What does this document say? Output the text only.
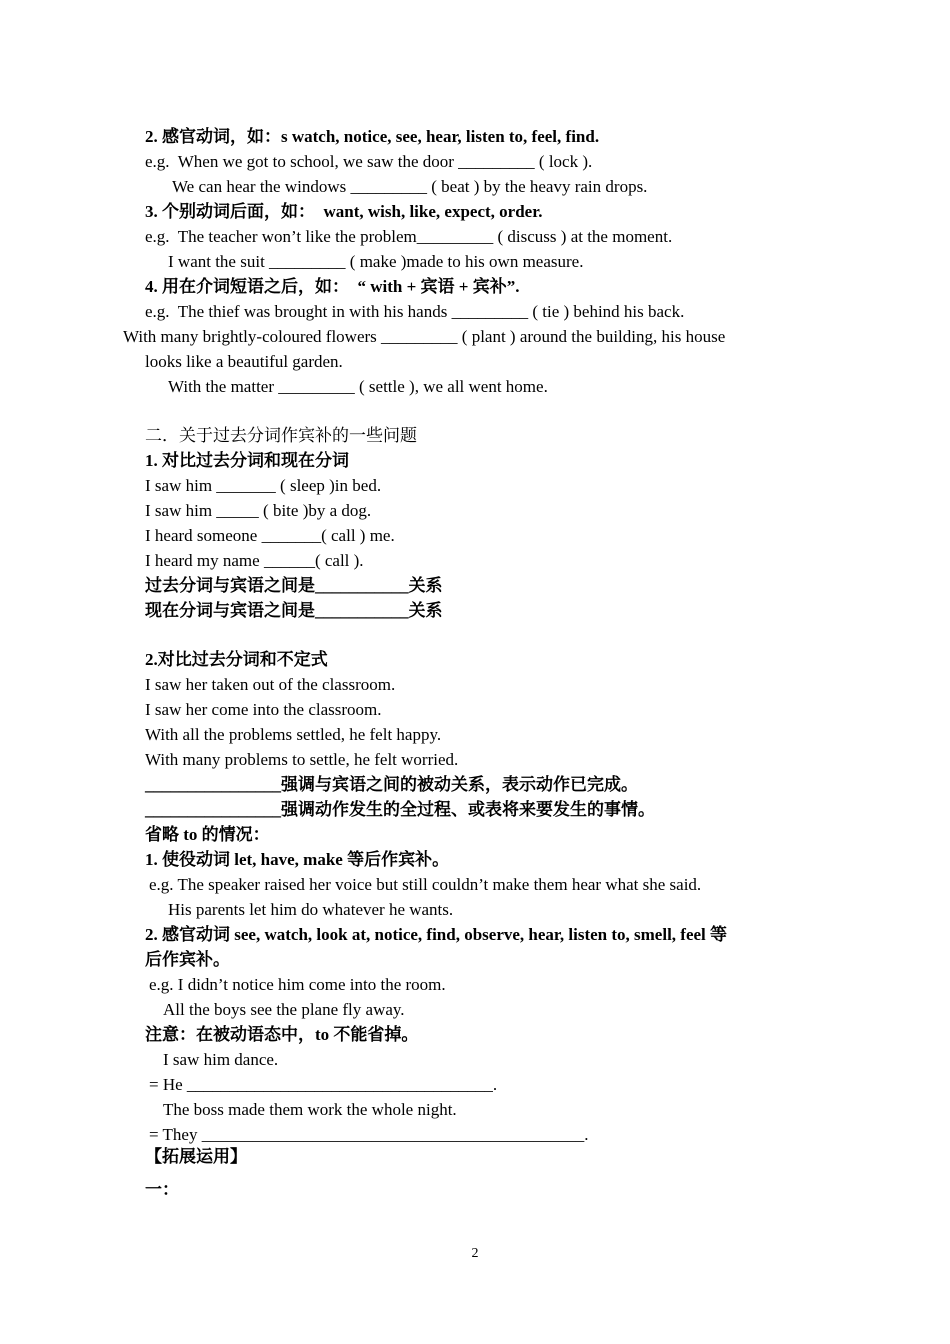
2. 感官动词，如：s watch, notice, see, hear, listen to, feel, find.
e.g.  When we got to school, we saw the door _________ ( lock ).
We can hear the windows _________ ( beat ) by the heavy rain drops.
3. 个别动词后面，如：  want, wish, like, expect, order.
e.g.  The teacher won’t like the problem_________ ( discuss ) at the moment.
I want the suit _________ ( make )made to his own measure.
4. 用在介词短语之后，如：  “ with + 宾语 + 宾补”.
e.g.  The thief was brought in with his hands _________ ( tie ) behind his back.
With many brightly-coloured flowers _________ ( plant ) around the building, his house
looks like a beautiful garden.
With the matter _________ ( settle ), we all went home.
二．关于过去分词作宾补的一些问题
1. 对比过去分词和现在分词
I saw him _______ ( sleep )in bed.
I saw him _____ ( bite )by a dog.
I heard someone _______( call ) me.
I heard my name ______( call ).
过去分词与宾语之间是___________关系
现在分词与宾语之间是___________关系
2.对比过去分词和不定式
I saw her taken out of the classroom.
I saw her come into the classroom.
With all the problems settled, he felt happy.
With many problems to settle, he felt worried.
________________强调与宾语之间的被动关系，表示动作已完成。
________________强调动作发生的全过程、或表将来要发生的事情。
省略 to 的情况：
1. 使役动词 let, have, make 等后作宾补。
e.g. The speaker raised her voice but still couldn’t make them hear what she said.
His parents let him do whatever he wants.
2. 感官动词 see, watch, look at, notice, find, observe, hear, listen to, smell, feel 等
后作宾补。
e.g. I didn’t notice him come into the room.
All the boys see the plane fly away.
注意：在被动语态中，to 不能省掉。
I saw him dance.
= He ____________________________________.
The boss made them work the whole night.
= They _____________________________________________.
【拓展运用】
一：
2
